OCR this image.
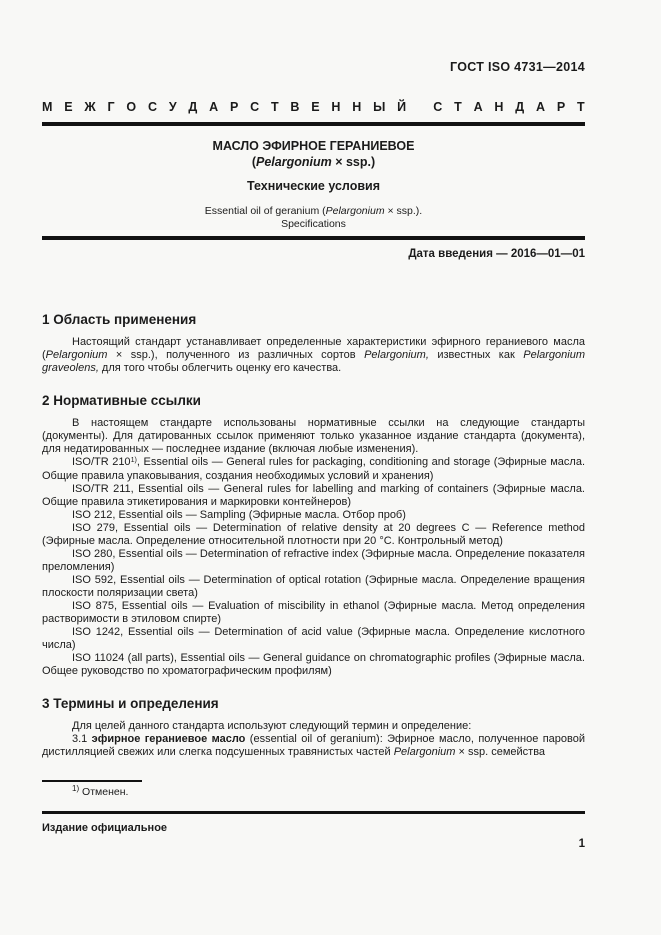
ГОСТ ISO 4731—2014
М Е Ж Г О С У Д А Р С Т В Е Н Н Ы Й
С Т А Н Д А Р Т
МАСЛО ЭФИРНОЕ ГЕРАНИЕВОЕ
(Pelargonium × ssp.)
Технические условия
Essential oil of geranium (Pelargonium × ssp.).
Specifications
Дата введения — 2016—01—01
1 Область применения

Настоящий стандарт устанавливает определенные характеристики эфирного гераниевого масла (Pelargonium × ssp.), полученного из различных сортов Pelargonium, известных как Pelargonium graveolens, для того чтобы облегчить оценку его качества.

2 Нормативные ссылки

В настоящем стандарте использованы нормативные ссылки на следующие стандарты (документы). Для датированных ссылок применяют только указанное издание стандарта (документа), для недатированных — последнее издание (включая любые изменения).

ISO/TR 210$^{1)}$, Essential oils — General rules for packaging, conditioning and storage (Эфирные масла. Общие правила упаковывания, создания необходимых условий и хранения)

ISO/TR 211, Essential oils — General rules for labelling and marking of containers (Эфирные масла. Общие правила этикетирования и маркировки контейнеров)

ISO 212, Essential oils — Sampling (Эфирные масла. Отбор проб)

ISO 279, Essential oils — Determination of relative density at 20 degrees C — Reference method (Эфирные масла. Определение относительной плотности при 20 °C. Контрольный метод)

ISO 280, Essential oils — Determination of refractive index (Эфирные масла. Определение показателя преломления)

ISO 592, Essential oils — Determination of optical rotation (Эфирные масла. Определение вращения плоскости поляризации света)

ISO 875, Essential oils — Evaluation of miscibility in ethanol (Эфирные масла. Метод определения растворимости в этиловом спирте)

ISO 1242, Essential oils — Determination of acid value (Эфирные масла. Определение кислотного числа)

ISO 11024 (all parts), Essential oils — General guidance on chromatographic profiles (Эфирные масла. Общее руководство по хроматографическим профилям)

3 Термины и определения

Для целей данного стандарта используют следующий термин и определение:

3.1 эфирное гераниевое масло (essential oil of geranium): Эфирное масло, полученное паровой дистилляцией свежих или слегка подсушенных травянистых частей Pelargonium × ssp. семейства

$^{1)}$ Отменен.

Издание официальное
1
